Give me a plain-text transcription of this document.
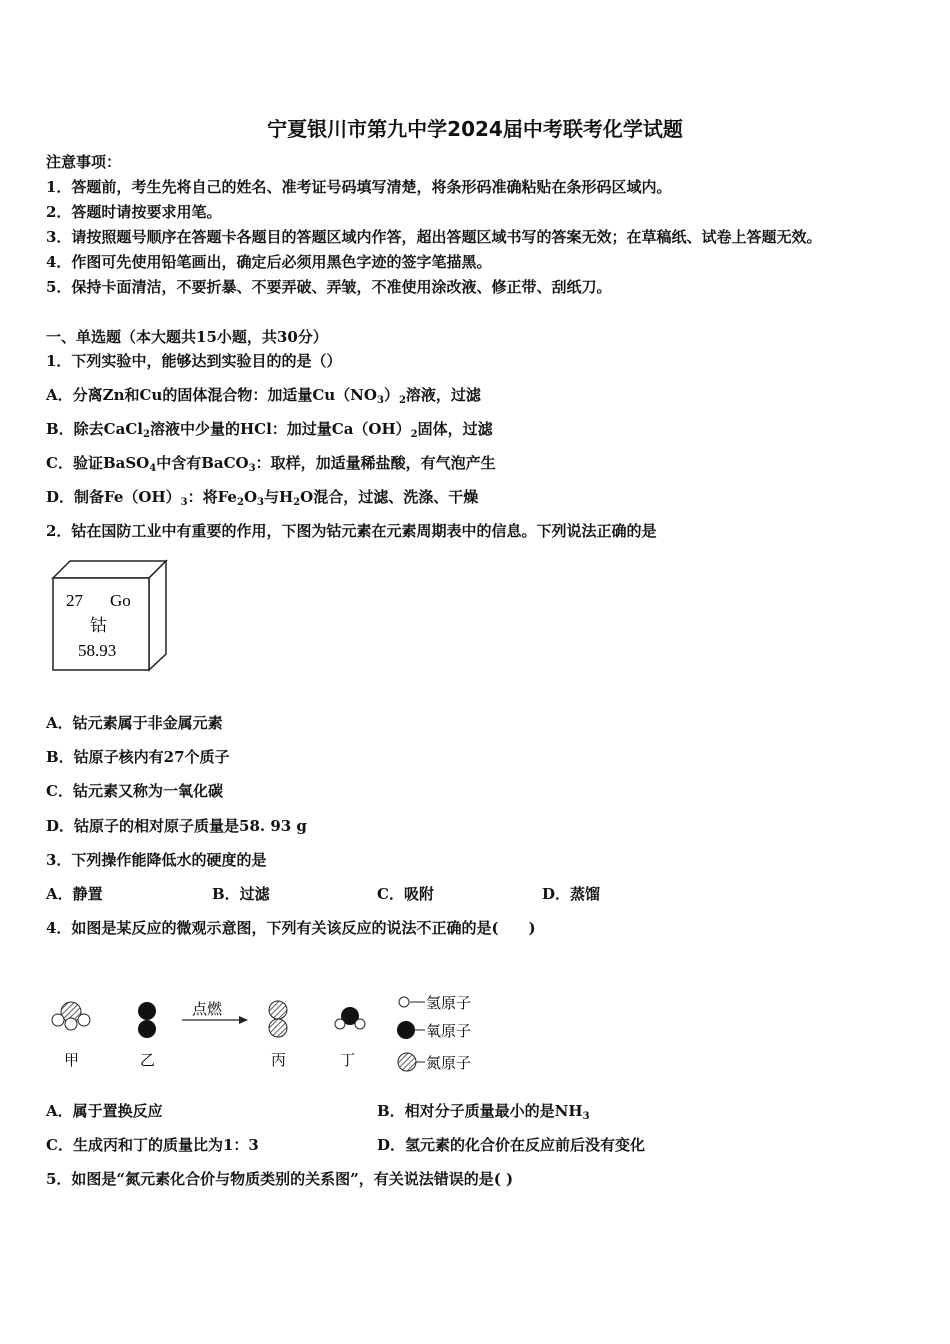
宁夏银川市第九中学2024届中考联考化学试题
注意事项：
1．答题前，考生先将自己的姓名、准考证号码填写清楚，将条形码准确粘贴在条形码区域内。
2．答题时请按要求用笔。
3．请按照题号顺序在答题卡各题目的答题区域内作答，超出答题区域书写的答案无效；在草稿纸、试卷上答题无效。
4．作图可先使用铅笔画出，确定后必须用黑色字迹的签字笔描黑。
5．保持卡面清洁，不要折暴、不要弄破、弄皱，不准使用涂改液、修正带、刮纸刀。
一、单选题（本大题共15小题，共30分）
1．下列实验中，能够达到实验目的的是（）
A．分离Zn和Cu的固体混合物：加适量$Cu(NO_3)_2$溶液，过滤
B．除去CaCl$_2$溶液中少量的HCl：加过量$Ca(OH)_2$固体，过滤
C．验证BaSO$_4$中含有BaCO$_3$：取样，加适量稀盐酸，有气泡产生
D．制备$Fe(OH)_3$：将$Fe_2O_3$与$H_2O$混合，过滤、洗涤、干燥
2．钴在国防工业中有重要的作用，下图为钴元素在元素周期表中的信息。下列说法正确的是
27 Go
钴
58.93
A．钴元素属于非金属元素
B．钴原子核内有27个质子
C．钴元素又称为一氧化碳
D．钴原子的相对原子质量是58. 93 g
3．下列操作能降低水的硬度的是
A．静置	B．过滤	C．吸附	D．蒸馏
4．如图是某反应的微观示意图，下列有关该反应的说法不正确的是(　　)
甲	乙
点燃
丙	丁
氢原子
氧原子
氮原子
A．属于置换反应	B．相对分子质量最小的是$NH_3$
C．生成丙和丁的质量比为1：3	D．氢元素的化合价在反应前后没有变化
5．如图是“氮元素化合价与物质类别的关系图”，有关说法错误的是( )
